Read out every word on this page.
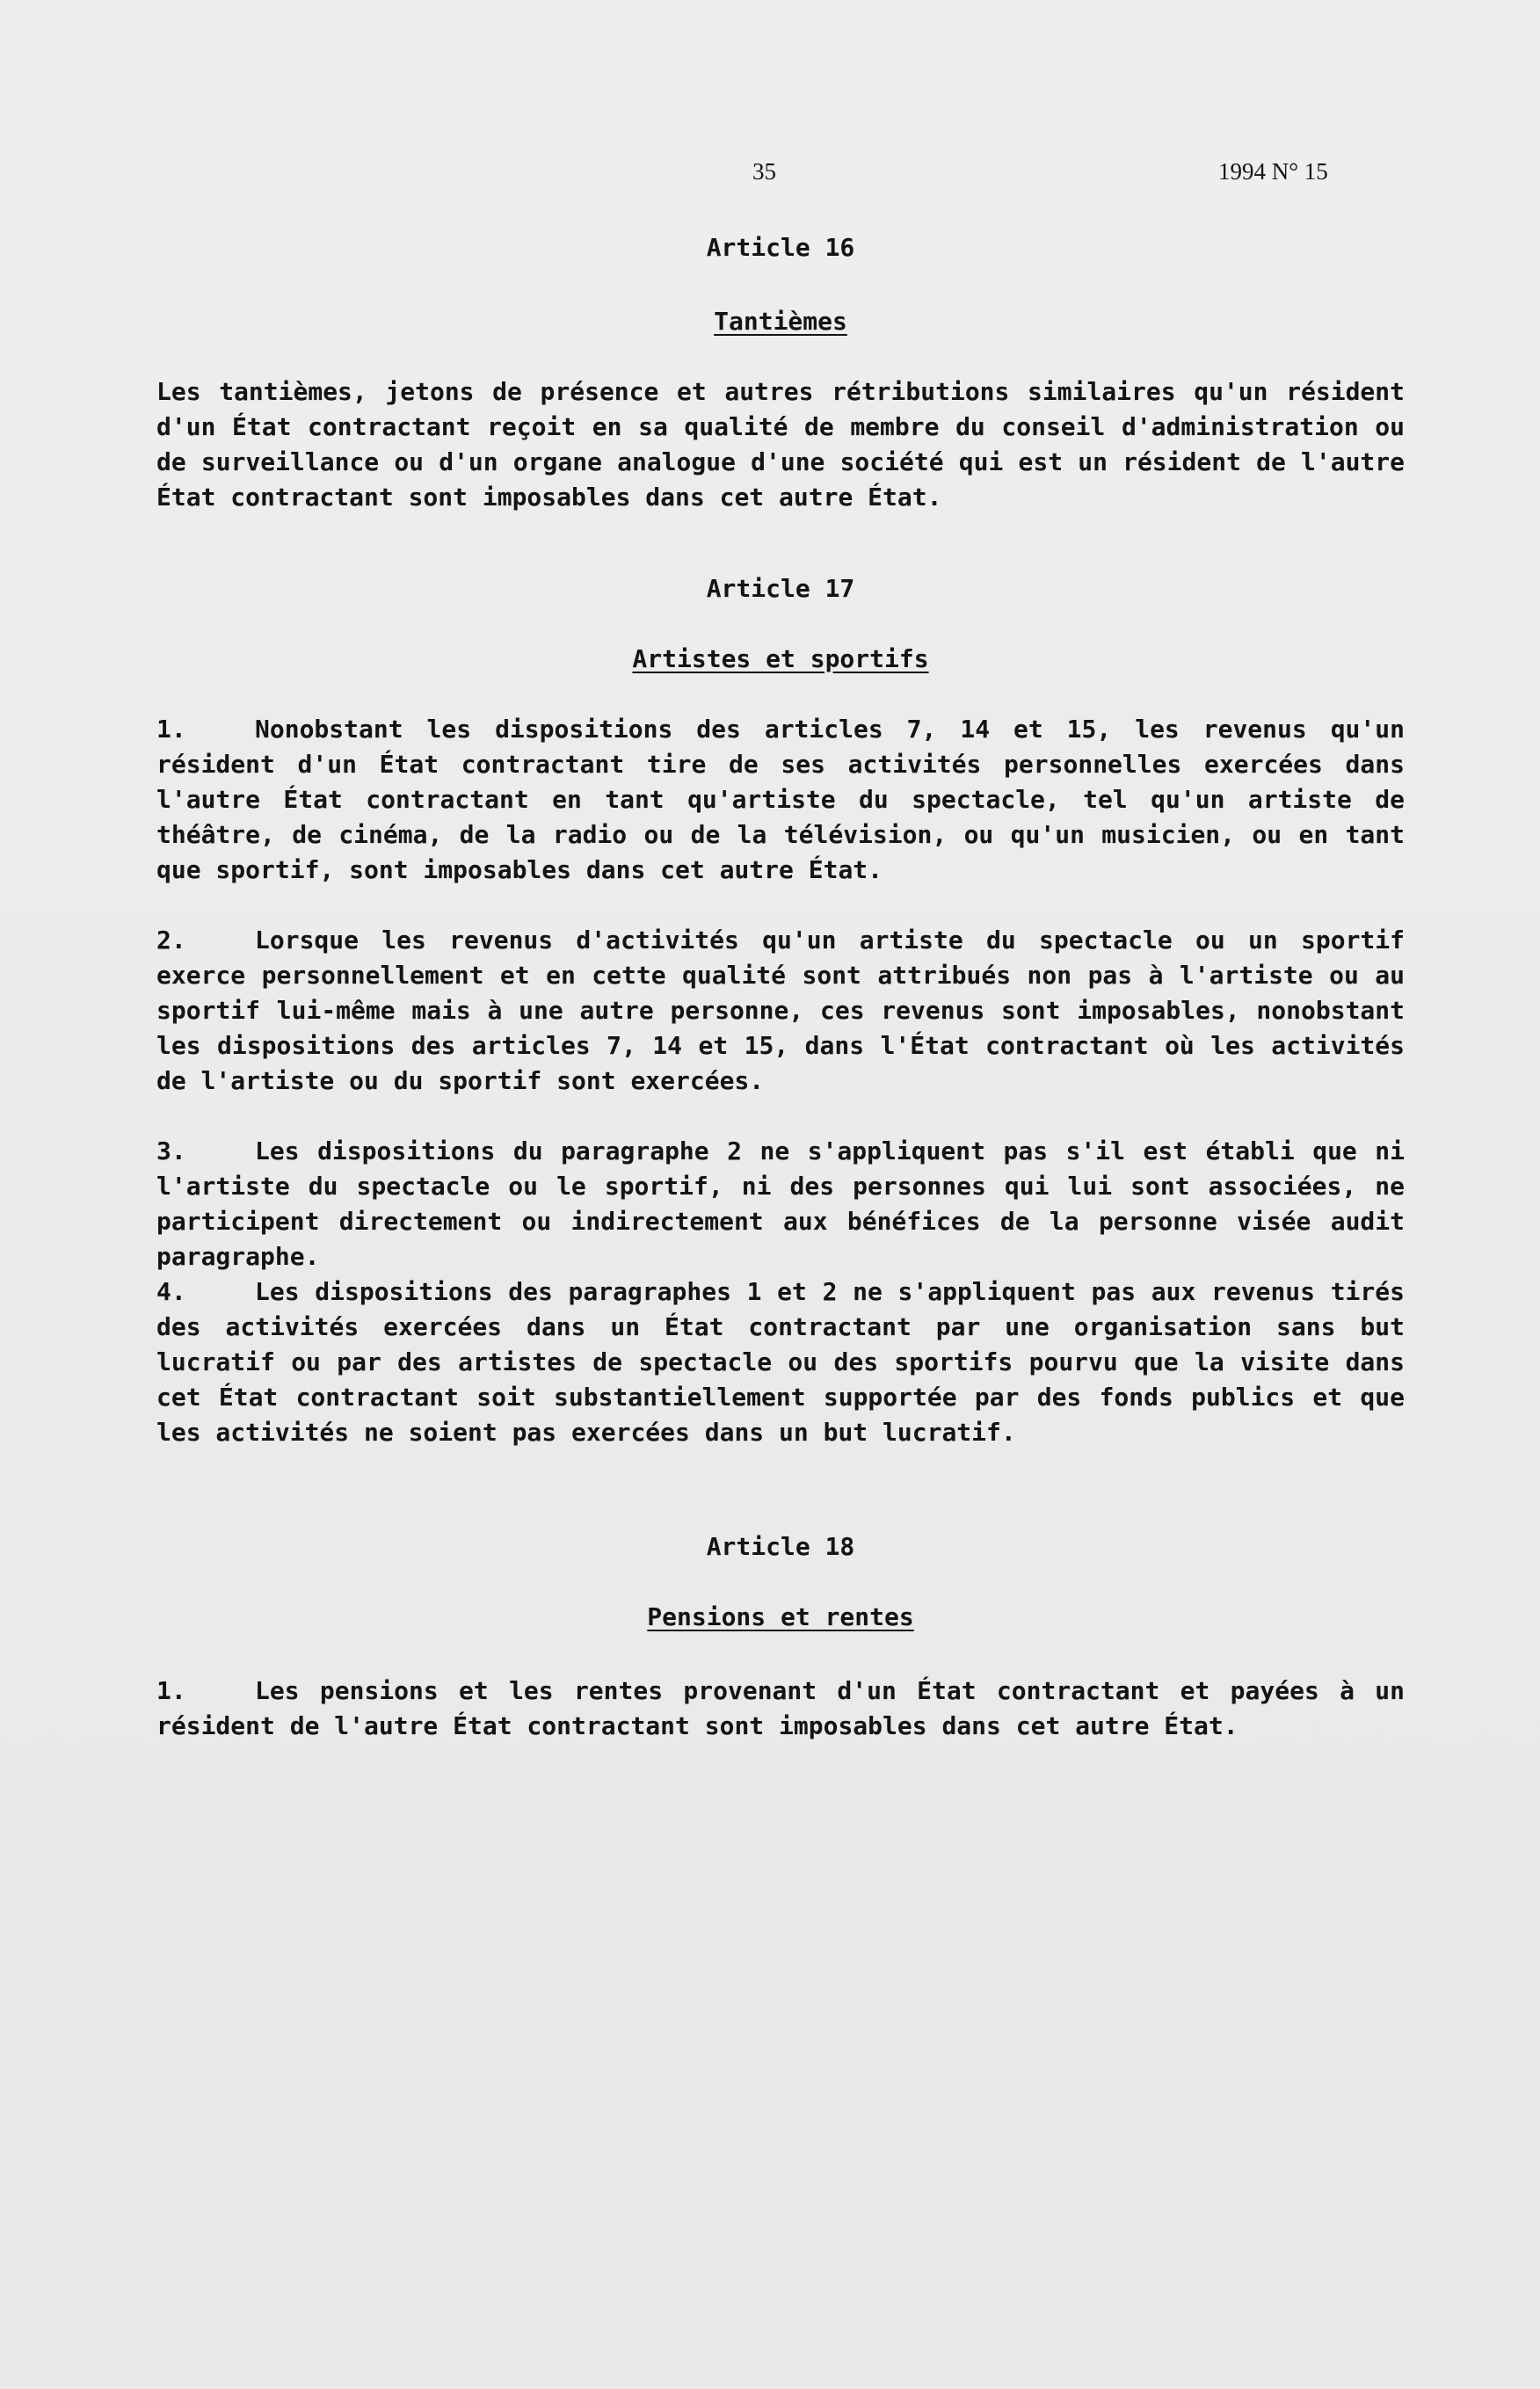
35	1994 N° 15

Article 16

Tantièmes

Les tantièmes, jetons de présence et autres rétributions similaires qu'un résident d'un État contractant reçoit en sa qualité de membre du conseil d'administration ou de surveillance ou d'un organe analogue d'une société qui est un résident de l'autre État contractant sont imposables dans cet autre État.

Article 17

Artistes et sportifs

1.	Nonobstant les dispositions des articles 7, 14 et 15, les revenus qu'un résident d'un État contractant tire de ses activités personnelles exercées dans l'autre État contractant en tant qu'artiste du spectacle, tel qu'un artiste de théâtre, de cinéma, de la radio ou de la télévision, ou qu'un musicien, ou en tant que sportif, sont imposables dans cet autre État.

2.	Lorsque les revenus d'activités qu'un artiste du spectacle ou un sportif exerce personnellement et en cette qualité sont attribués non pas à l'artiste ou au sportif lui-même mais à une autre personne, ces revenus sont imposables, nonobstant les dispositions des articles 7, 14 et 15, dans l'État contractant où les activités de l'artiste ou du sportif sont exercées.

3.	Les dispositions du paragraphe 2 ne s'appliquent pas s'il est établi que ni l'artiste du spectacle ou le sportif, ni des personnes qui lui sont associées, ne participent directement ou indirectement aux bénéfices de la personne visée audit paragraphe.

4.	Les dispositions des paragraphes 1 et 2 ne s'appliquent pas aux revenus tirés des activités exercées dans un État contractant par une organisation sans but lucratif ou par des artistes de spectacle ou des sportifs pourvu que la visite dans cet État contractant soit substantiellement supportée par des fonds publics et que les activités ne soient pas exercées dans un but lucratif.

Article 18

Pensions et rentes

1.	Les pensions et les rentes provenant d'un État contractant et payées à un résident de l'autre État contractant sont imposables dans cet autre État.
